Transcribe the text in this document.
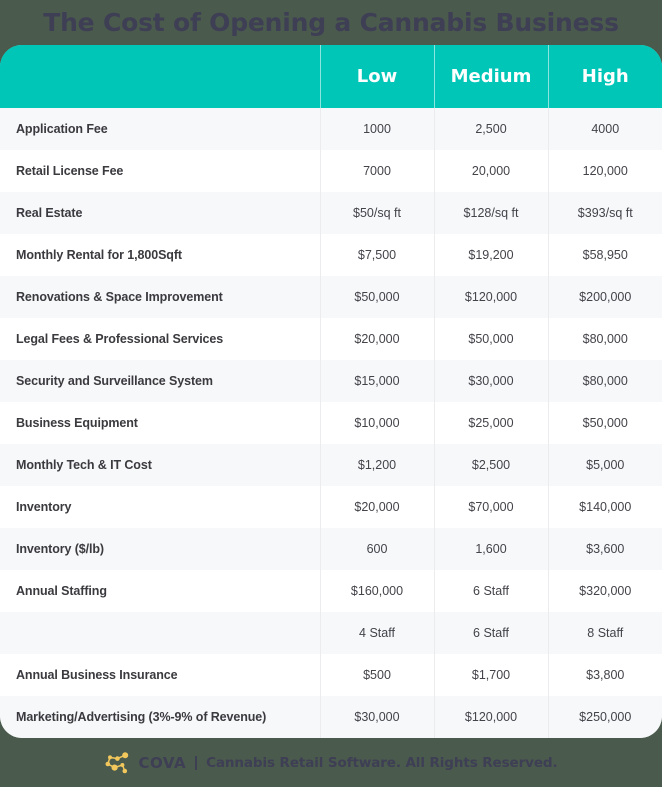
The Cost of Opening a Cannabis Business
	Low	Medium	High
Application Fee	1000	2,500	4000
Retail License Fee	7000	20,000	120,000
Real Estate	$50/sq ft	$128/sq ft	$393/sq ft
Monthly Rental for 1,800Sqft	$7,500	$19,200	$58,950
Renovations & Space Improvement	$50,000	$120,000	$200,000
Legal Fees & Professional Services	$20,000	$50,000	$80,000
Security and Surveillance System	$15,000	$30,000	$80,000
Business Equipment	$10,000	$25,000	$50,000
Monthly Tech & IT Cost	$1,200	$2,500	$5,000
Inventory	$20,000	$70,000	$140,000
Inventory ($/lb)	600	1,600	$3,600
Annual Staffing	$160,000	6 Staff	$320,000
	4 Staff	6 Staff	8 Staff
Annual Business Insurance	$500	$1,700	$3,800
Marketing/Advertising (3%-9% of Revenue)	$30,000	$120,000	$250,000
COVA Cannabis Retail Software. All Rights Reserved.
